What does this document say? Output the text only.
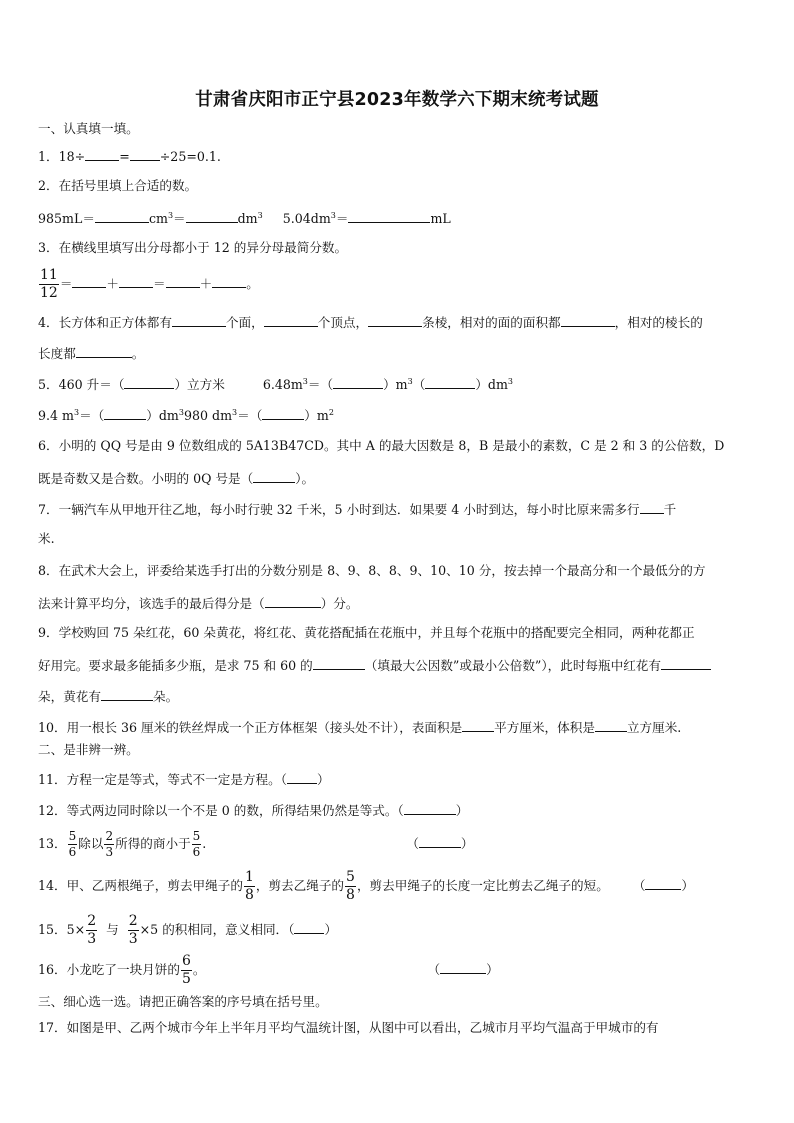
甘肃省庆阳市正宁县2023年数学六下期末统考试题
一、认真填一填。
1．18÷	= ÷25=0.1.
2．在括号里填上合适的数。
985mL＝	$cm^3=$	$dm^3$ $5.04dm^3=$	mL
3．在横线里填写出分母都小于 12 的异分母最简分数。
$\frac{11}{12}$ ＝	＋	＝	＋	。
4．长方体和正方体都有	个面，	个顶点，	条棱，相对的面的面积都	，相对的棱长的
长度都	。
5．460 升＝（	）立方米	$6.48m^3=$（	）$m^3$（	）$dm^3$
9.4 $m^3=$（	）$dm^3980$ $dm^3=$（	）$m^2$
6．小明的 QQ 号是由 9 位数组成的 5A13B47CD。其中 A 的最大因数是 8，B 是最小的素数，C 是 2 和 3 的公倍数，D
既是奇数又是合数。小明的 0Q 号是（	）。
7．一辆汽车从甲地开往乙地，每小时行驶 32 千米，5 小时到达．如果要 4 小时到达，每小时比原来需多行 千
米.
8．在武术大会上，评委给某选手打出的分数分别是 8、9、8、8、9、10、10 分，按去掉一个最高分和一个最低分的方
法来计算平均分，该选手的最后得分是（	）分。
9．学校购回 75 朵红花，60 朵黄花，将红花、黄花搭配插在花瓶中，并且每个花瓶中的搭配要完全相同，两种花都正
好用完。要求最多能插多少瓶，是求 75 和 60 的	（填最大公因数”或最小公倍数”），此时每瓶中红花有
朵，黄花有	朵。
10．用一根长 36 厘米的铁丝焊成一个正方体框架（接头处不计），表面积是	平方厘米，体积是	立方厘米.
二、是非辨一辨。
11．方程一定是等式，等式不一定是方程。（ ）
12．等式两边同时除以一个不是 0 的数，所得结果仍然是等式。（	）
13． $\frac{5}{6}$ 除以 $\frac{2}{3}$ 所得的商小于 $\frac{5}{6}$ .	（	）
14．甲、乙两根绳子，剪去甲绳子的 $\frac{1}{8}$ ，剪去乙绳子的 $\frac{5}{8}$ ，剪去甲绳子的长度一定比剪去乙绳子的短。 （	）
15．$5\times \frac{2}{3}$ 与 $\frac{2}{3} \times 5$ 的积相同，意义相同．（ ）
16．小龙吃了一块月饼的 $\frac{6}{5}$ 。	（	）
三、细心选一选。请把正确答案的序号填在括号里。
17．如图是甲、乙两个城市今年上半年月平均气温统计图，从图中可以看出，乙城市月平均气温高于甲城市的有
